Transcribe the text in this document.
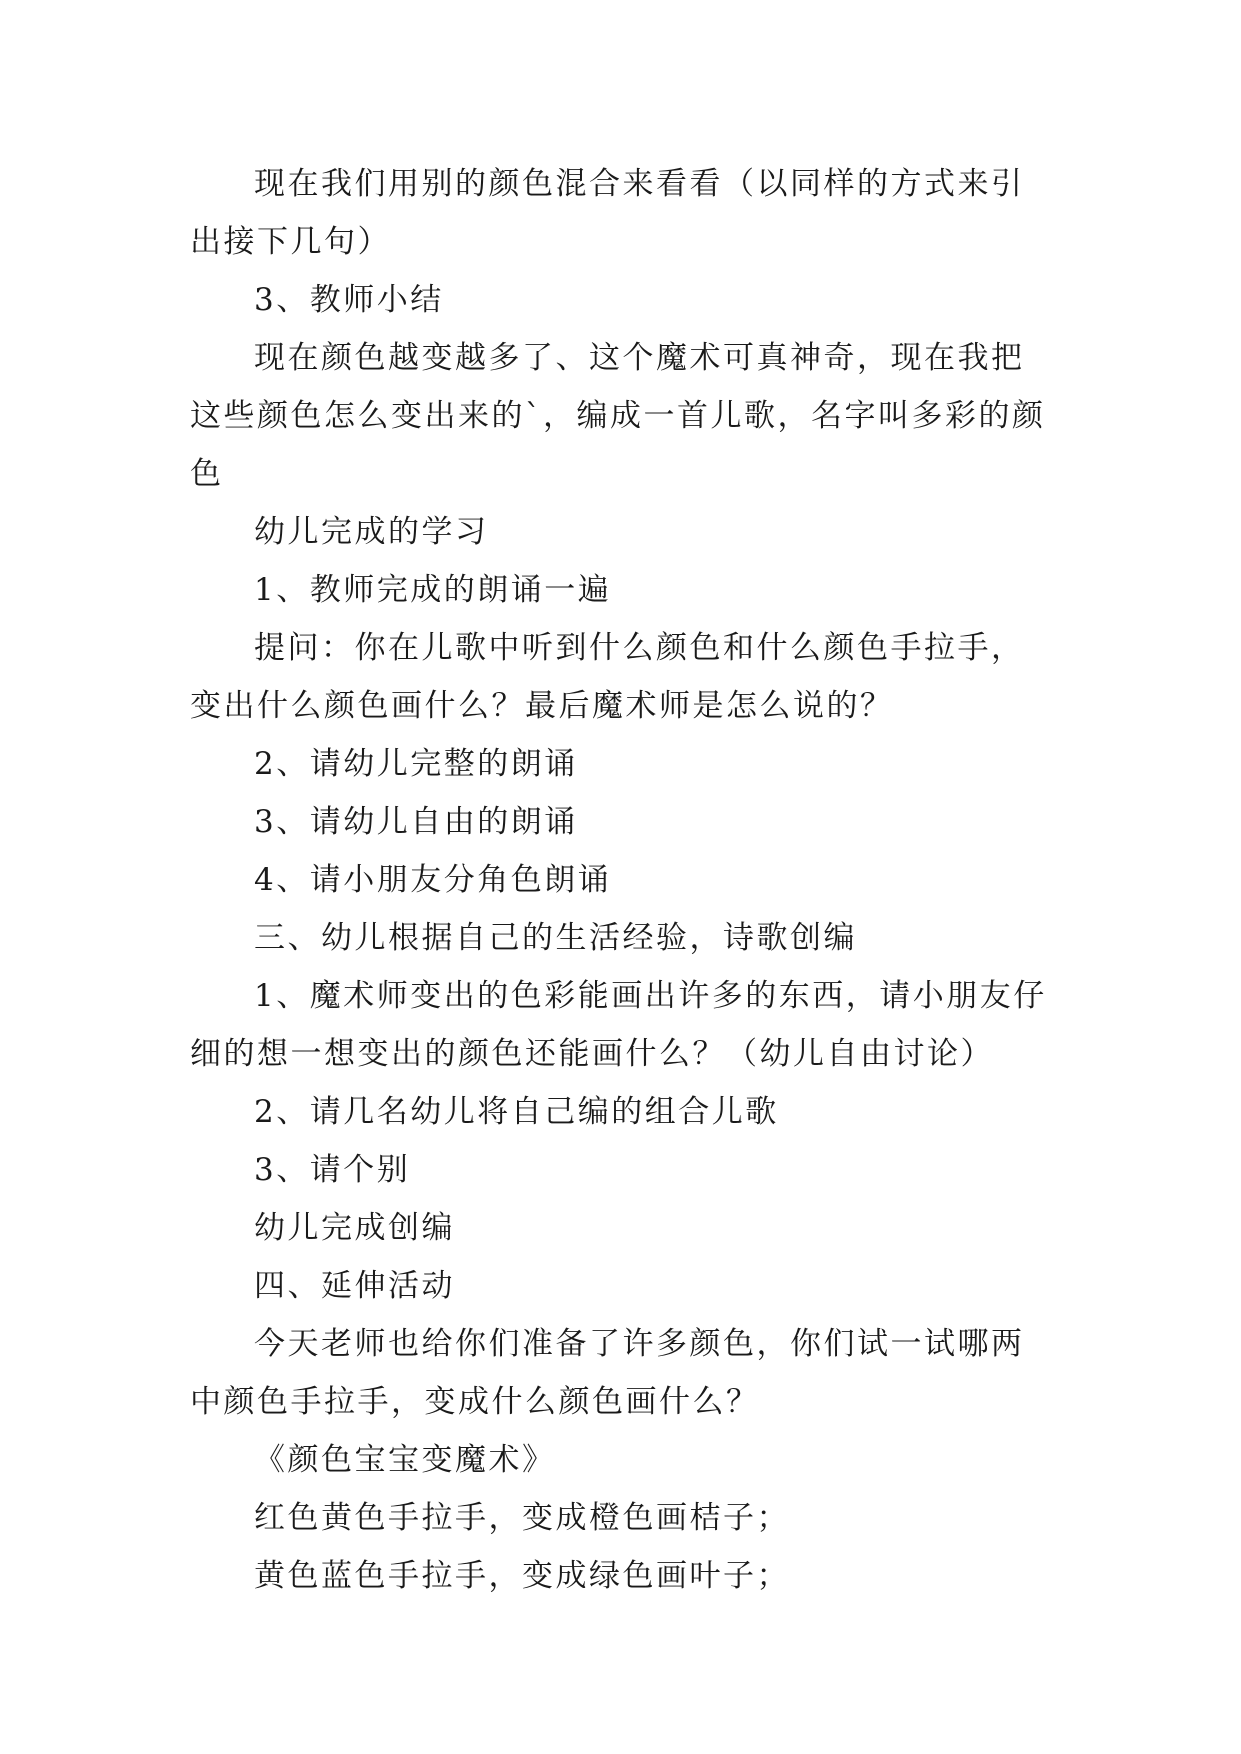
现在我们用别的颜色混合来看看（以同样的方式来引出接下几句）

3、教师小结

现在颜色越变越多了、这个魔术可真神奇，现在我把这些颜色怎么变出来的`，编成一首儿歌，名字叫多彩的颜色

幼儿完成的学习

1、教师完成的朗诵一遍

提问：你在儿歌中听到什么颜色和什么颜色手拉手，变出什么颜色画什么？最后魔术师是怎么说的？

2、请幼儿完整的朗诵

3、请幼儿自由的朗诵

4、请小朋友分角色朗诵

三、幼儿根据自己的生活经验，诗歌创编

1、魔术师变出的色彩能画出许多的东西，请小朋友仔细的想一想变出的颜色还能画什么？（幼儿自由讨论）

2、请几名幼儿将自己编的组合儿歌

3、请个别

幼儿完成创编

四、延伸活动

今天老师也给你们准备了许多颜色，你们试一试哪两中颜色手拉手，变成什么颜色画什么？

《颜色宝宝变魔术》

红色黄色手拉手，变成橙色画桔子；

黄色蓝色手拉手，变成绿色画叶子；
